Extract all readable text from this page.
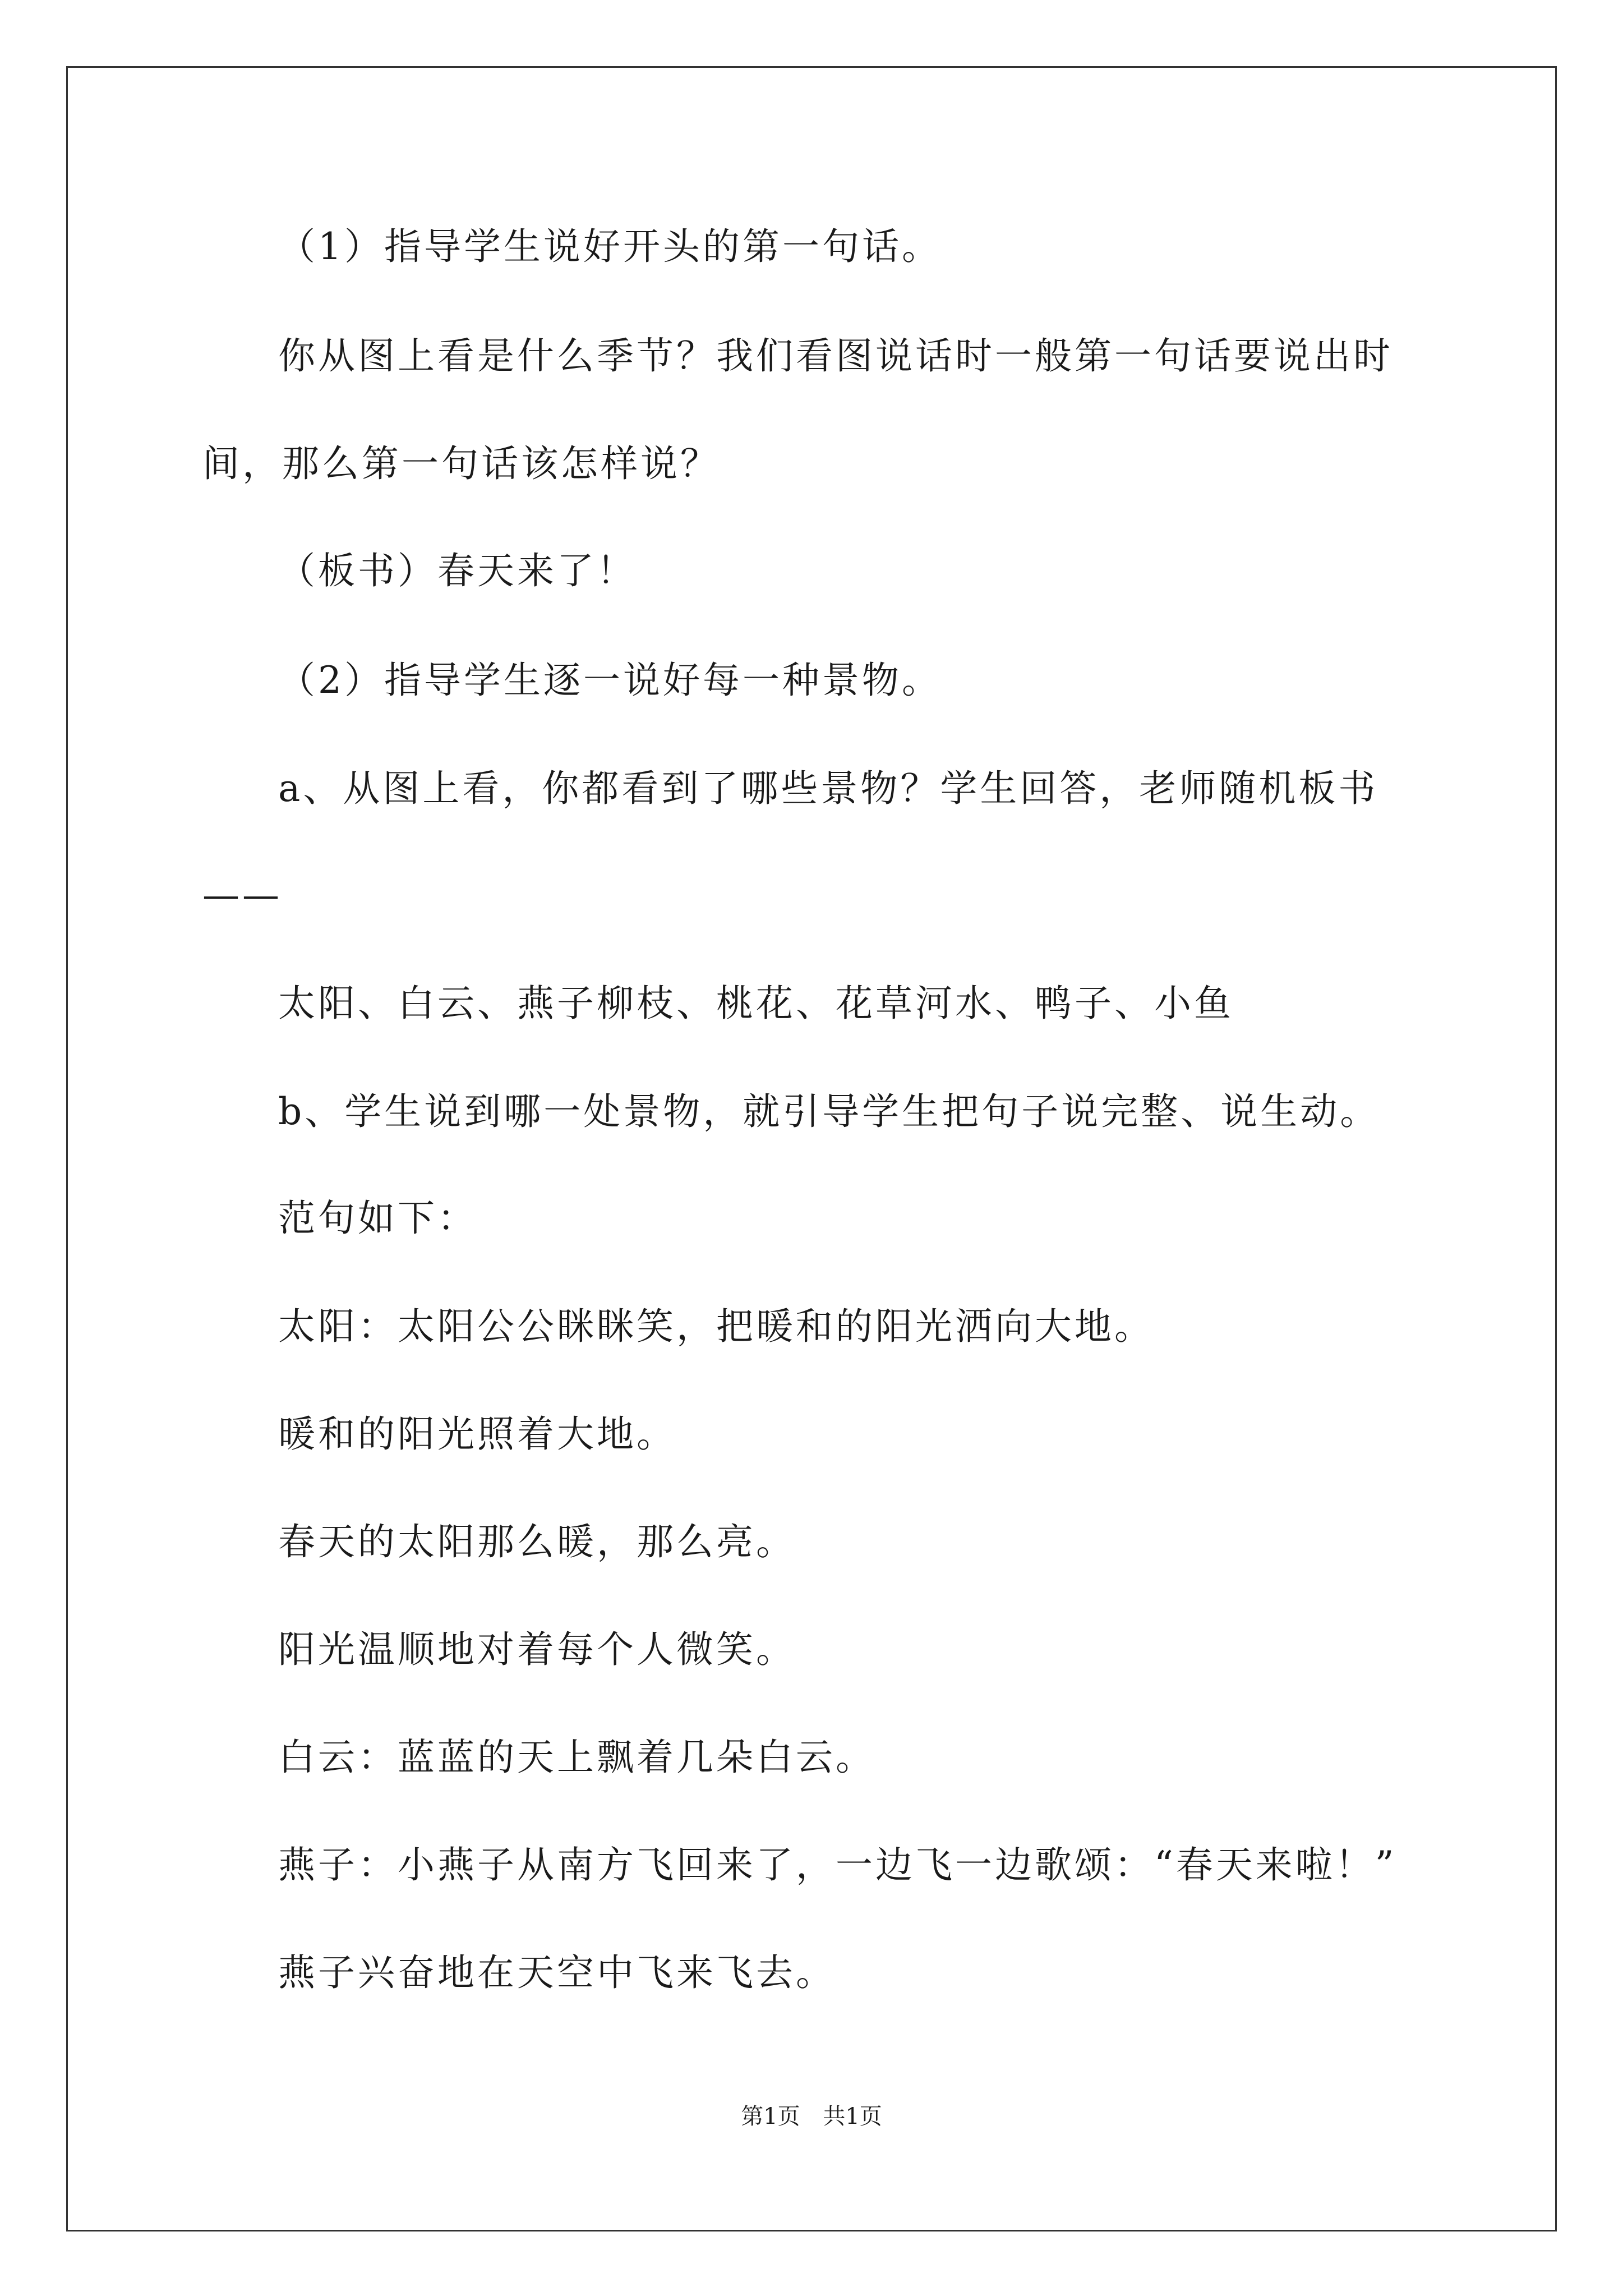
（1）指导学生说好开头的第一句话。

你从图上看是什么季节？我们看图说话时一般第一句话要说出时

间，那么第一句话该怎样说？

（板书）春天来了！

（2）指导学生逐一说好每一种景物。

a、从图上看，你都看到了哪些景物？学生回答，老师随机板书

——

太阳、白云、燕子柳枝、桃花、花草河水、鸭子、小鱼

b、学生说到哪一处景物，就引导学生把句子说完整、说生动。

范句如下：

太阳：太阳公公眯眯笑，把暖和的阳光洒向大地。

暖和的阳光照着大地。

春天的太阳那么暖，那么亮。

阳光温顺地对着每个人微笑。

白云：蓝蓝的天上飘着几朵白云。

燕子：小燕子从南方飞回来了，一边飞一边歌颂：“春天来啦！”

燕子兴奋地在天空中飞来飞去。

第1页 共1页
